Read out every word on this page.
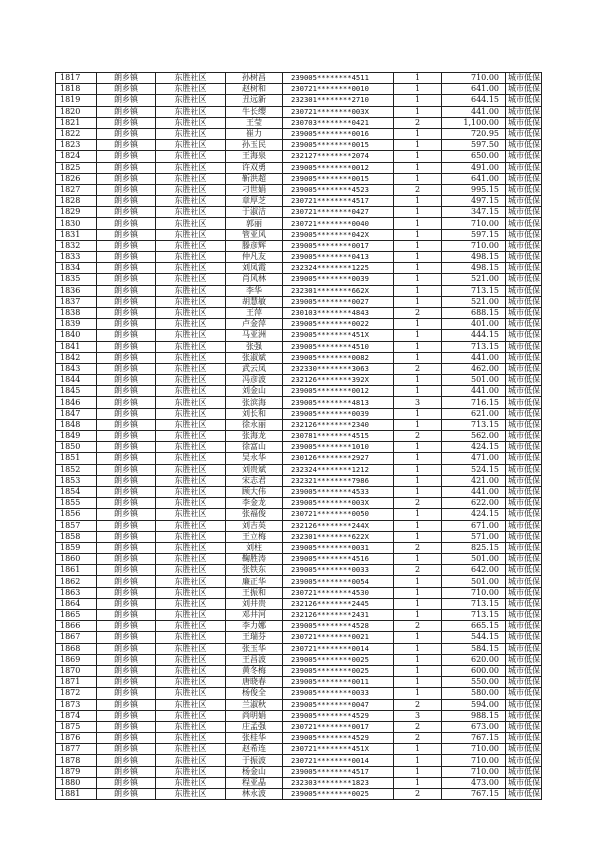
1817	朗乡镇	东胜社区	孙树昌	239005********4511	1	710.00	城市低保
1818	朗乡镇	东胜社区	赵树和	230721********0010	1	641.00	城市低保
1819	朗乡镇	东胜社区	丑远新	232301********2710	1	644.15	城市低保
1820	朗乡镇	东胜社区	牛长缨	230721********003X	1	441.00	城市低保
1821	朗乡镇	东胜社区	王莹	230703********0421	2	1,100.00	城市低保
1822	朗乡镇	东胜社区	崔力	239005********0016	1	720.95	城市低保
1823	朗乡镇	东胜社区	孙玉民	239005********0015	1	597.50	城市低保
1824	朗乡镇	东胜社区	王海泉	232127********2074	1	650.00	城市低保
1825	朗乡镇	东胜社区	许双勇	239005********0012	1	491.00	城市低保
1826	朗乡镇	东胜社区	靳洪超	239005********0015	1	641.00	城市低保
1827	朗乡镇	东胜社区	刁世娟	239005********4523	2	995.15	城市低保
1828	朗乡镇	东胜社区	章厚芝	230721********4517	1	497.15	城市低保
1829	朗乡镇	东胜社区	于淑洁	230721********0427	1	347.15	城市低保
1830	朗乡镇	东胜社区	郭丽	230721********0040	1	710.00	城市低保
1831	朗乡镇	东胜社区	管亚风	239005********042X	1	597.15	城市低保
1832	朗乡镇	东胜社区	滕彦辉	239005********0017	1	710.00	城市低保
1833	朗乡镇	东胜社区	仲凡友	239005********0413	1	498.15	城市低保
1834	朗乡镇	东胜社区	刘凤霞	232324********1225	1	498.15	城市低保
1835	朗乡镇	东胜社区	肖风林	239005********0039	1	521.00	城市低保
1836	朗乡镇	东胜社区	李华	232301********662X	1	713.15	城市低保
1837	朗乡镇	东胜社区	胡慧敏	239005********0027	1	521.00	城市低保
1838	朗乡镇	东胜社区	王萍	230103********4843	2	688.15	城市低保
1839	朗乡镇	东胜社区	卢金萍	239005********0022	1	401.00	城市低保
1840	朗乡镇	东胜社区	马亚洲	239005********451X	1	444.15	城市低保
1841	朗乡镇	东胜社区	张强	239005********4510	1	713.15	城市低保
1842	朗乡镇	东胜社区	张淑斌	239005********0082	1	441.00	城市低保
1843	朗乡镇	东胜社区	武云凤	232330********3063	2	462.00	城市低保
1844	朗乡镇	东胜社区	冯彦波	232126********392X	1	501.00	城市低保
1845	朗乡镇	东胜社区	刘金山	239005********0012	1	441.00	城市低保
1846	朗乡镇	东胜社区	张滨海	239005********4813	3	716.15	城市低保
1847	朗乡镇	东胜社区	刘长和	239005********0039	1	621.00	城市低保
1848	朗乡镇	东胜社区	徐永丽	232126********2340	1	713.15	城市低保
1849	朗乡镇	东胜社区	张海龙	230781********4515	2	562.00	城市低保
1850	朗乡镇	东胜社区	徐富山	239005********1010	1	424.15	城市低保
1851	朗乡镇	东胜社区	吴永华	230126********2927	1	471.00	城市低保
1852	朗乡镇	东胜社区	刘贵斌	232324********1212	1	524.15	城市低保
1853	朗乡镇	东胜社区	宋志君	232321********7986	1	421.00	城市低保
1854	朗乡镇	东胜社区	顾大伟	239005********4533	1	441.00	城市低保
1855	朗乡镇	东胜社区	李金龙	239005********003X	2	622.00	城市低保
1856	朗乡镇	东胜社区	张福俊	230721********0050	1	424.15	城市低保
1857	朗乡镇	东胜社区	刘吉英	232126********244X	1	671.00	城市低保
1858	朗乡镇	东胜社区	王立梅	232301********622X	1	571.00	城市低保
1859	朗乡镇	东胜社区	刘柱	239005********0031	2	825.15	城市低保
1860	朗乡镇	东胜社区	鞠胜涛	239005********4516	1	501.00	城市低保
1861	朗乡镇	东胜社区	张铁东	239005********0033	2	642.00	城市低保
1862	朗乡镇	东胜社区	廉正华	239005********0054	1	501.00	城市低保
1863	朗乡镇	东胜社区	王振和	230721********4530	1	710.00	城市低保
1864	朗乡镇	东胜社区	刘井贵	232126********2445	1	713.15	城市低保
1865	朗乡镇	东胜社区	邓井河	232126********2431	1	713.15	城市低保
1866	朗乡镇	东胜社区	李力娜	239005********4528	2	665.15	城市低保
1867	朗乡镇	东胜社区	王瑞芬	230721********0021	1	544.15	城市低保
1868	朗乡镇	东胜社区	张玉华	230721********0014	1	584.15	城市低保
1869	朗乡镇	东胜社区	王昌波	239005********0025	1	620.00	城市低保
1870	朗乡镇	东胜社区	黄冬梅	239005********0025	1	600.00	城市低保
1871	朗乡镇	东胜社区	唐晓春	239005********0011	1	550.00	城市低保
1872	朗乡镇	东胜社区	杨俊全	239005********0033	1	580.00	城市低保
1873	朗乡镇	东胜社区	兰淑秋	239005********0047	2	594.00	城市低保
1874	朗乡镇	东胜社区	尚明娟	239005********4529	3	988.15	城市低保
1875	朗乡镇	东胜社区	庄孟强	230721********0017	2	673.00	城市低保
1876	朗乡镇	东胜社区	张桂华	239005********4529	2	767.15	城市低保
1877	朗乡镇	东胜社区	赵希连	230721********451X	1	710.00	城市低保
1878	朗乡镇	东胜社区	于振波	230721********0014	1	710.00	城市低保
1879	朗乡镇	东胜社区	杨金山	239005********4517	1	710.00	城市低保
1880	朗乡镇	东胜社区	程亚晶	232303********1823	1	473.00	城市低保
1881	朗乡镇	东胜社区	林永波	239005********0025	2	767.15	城市低保
